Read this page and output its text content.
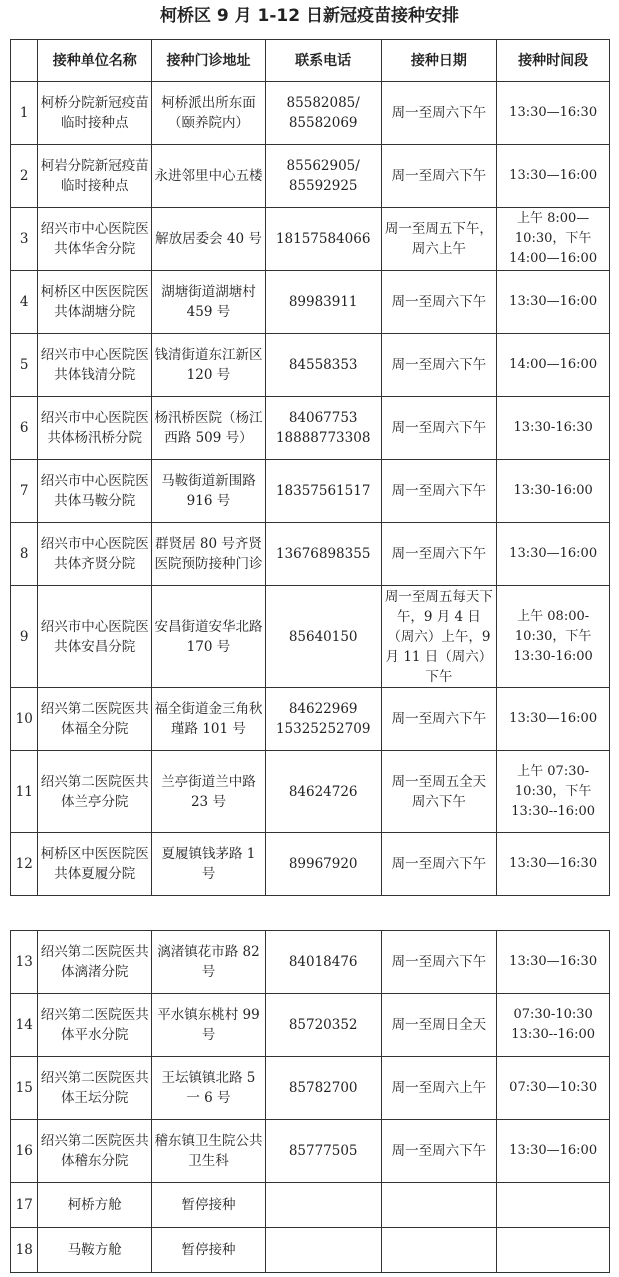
柯桥区 9 月 1-12 日新冠疫苗接种安排
	接种单位名称	接种门诊地址	联系电话	接种日期	接种时间段
1	柯桥分院新冠疫苗临时接种点	柯桥派出所东面（颐养院内）	85582085/ 85582069	周一至周六下午	13:30—16:30
2	柯岩分院新冠疫苗临时接种点	永进邻里中心五楼	85562905/ 85592925	周一至周六下午	13:30—16:00
3	绍兴市中心医院医共体华舍分院	解放居委会 40 号	18157584066	周一至周五下午，周六上午	上午 8:00—10:30，下午 14:00—16:00
4	柯桥区中医医院医共体湖塘分院	湖塘街道湖塘村 459 号	89983911	周一至周六下午	13:30—16:00
5	绍兴市中心医院医共体钱清分院	钱清街道东江新区 120 号	84558353	周一至周六下午	14:00—16:00
6	绍兴市中心医院医共体杨汛桥分院	杨汛桥医院（杨江西路 509 号）	84067753 18888773308	周一至周六下午	13:30-16:30
7	绍兴市中心医院医共体马鞍分院	马鞍街道新围路 916 号	18357561517	周一至周六下午	13:30-16:00
8	绍兴市中心医院医共体齐贤分院	群贤居 80 号齐贤医院预防接种门诊	13676898355	周一至周六下午	13:30—16:00
9	绍兴市中心医院医共体安昌分院	安昌街道安华北路 170 号	85640150	周一至周五每天下午，9 月 4 日（周六）上午，9 月 11 日（周六）下午	上午 08:00-10:30，下午 13:30-16:00
10	绍兴第二医院医共体福全分院	福全街道金三角秋瑾路 101 号	84622969 15325252709	周一至周六下午	13:30—16:00
11	绍兴第二医院医共体兰亭分院	兰亭街道兰中路 23 号	84624726	周一至周五全天 周六下午	上午 07:30-10:30，下午 13:30--16:00
12	柯桥区中医医院医共体夏履分院	夏履镇钱茅路 1 号	89967920	周一至周六下午	13:30—16:30
13	绍兴第二医院医共体漓渚分院	漓渚镇花市路 82 号	84018476	周一至周六下午	13:30—16:30
14	绍兴第二医院医共体平水分院	平水镇东桃村 99 号	85720352	周一至周日全天	07:30-10:30 13:30--16:00
15	绍兴第二医院医共体王坛分院	王坛镇镇北路 5 一 6 号	85782700	周一至周六上午	07:30—10:30
16	绍兴第二医院医共体稽东分院	稽东镇卫生院公共卫生科	85777505	周一至周六下午	13:30—16:00
17	柯桥方舱	暂停接种			
18	马鞍方舱	暂停接种			
